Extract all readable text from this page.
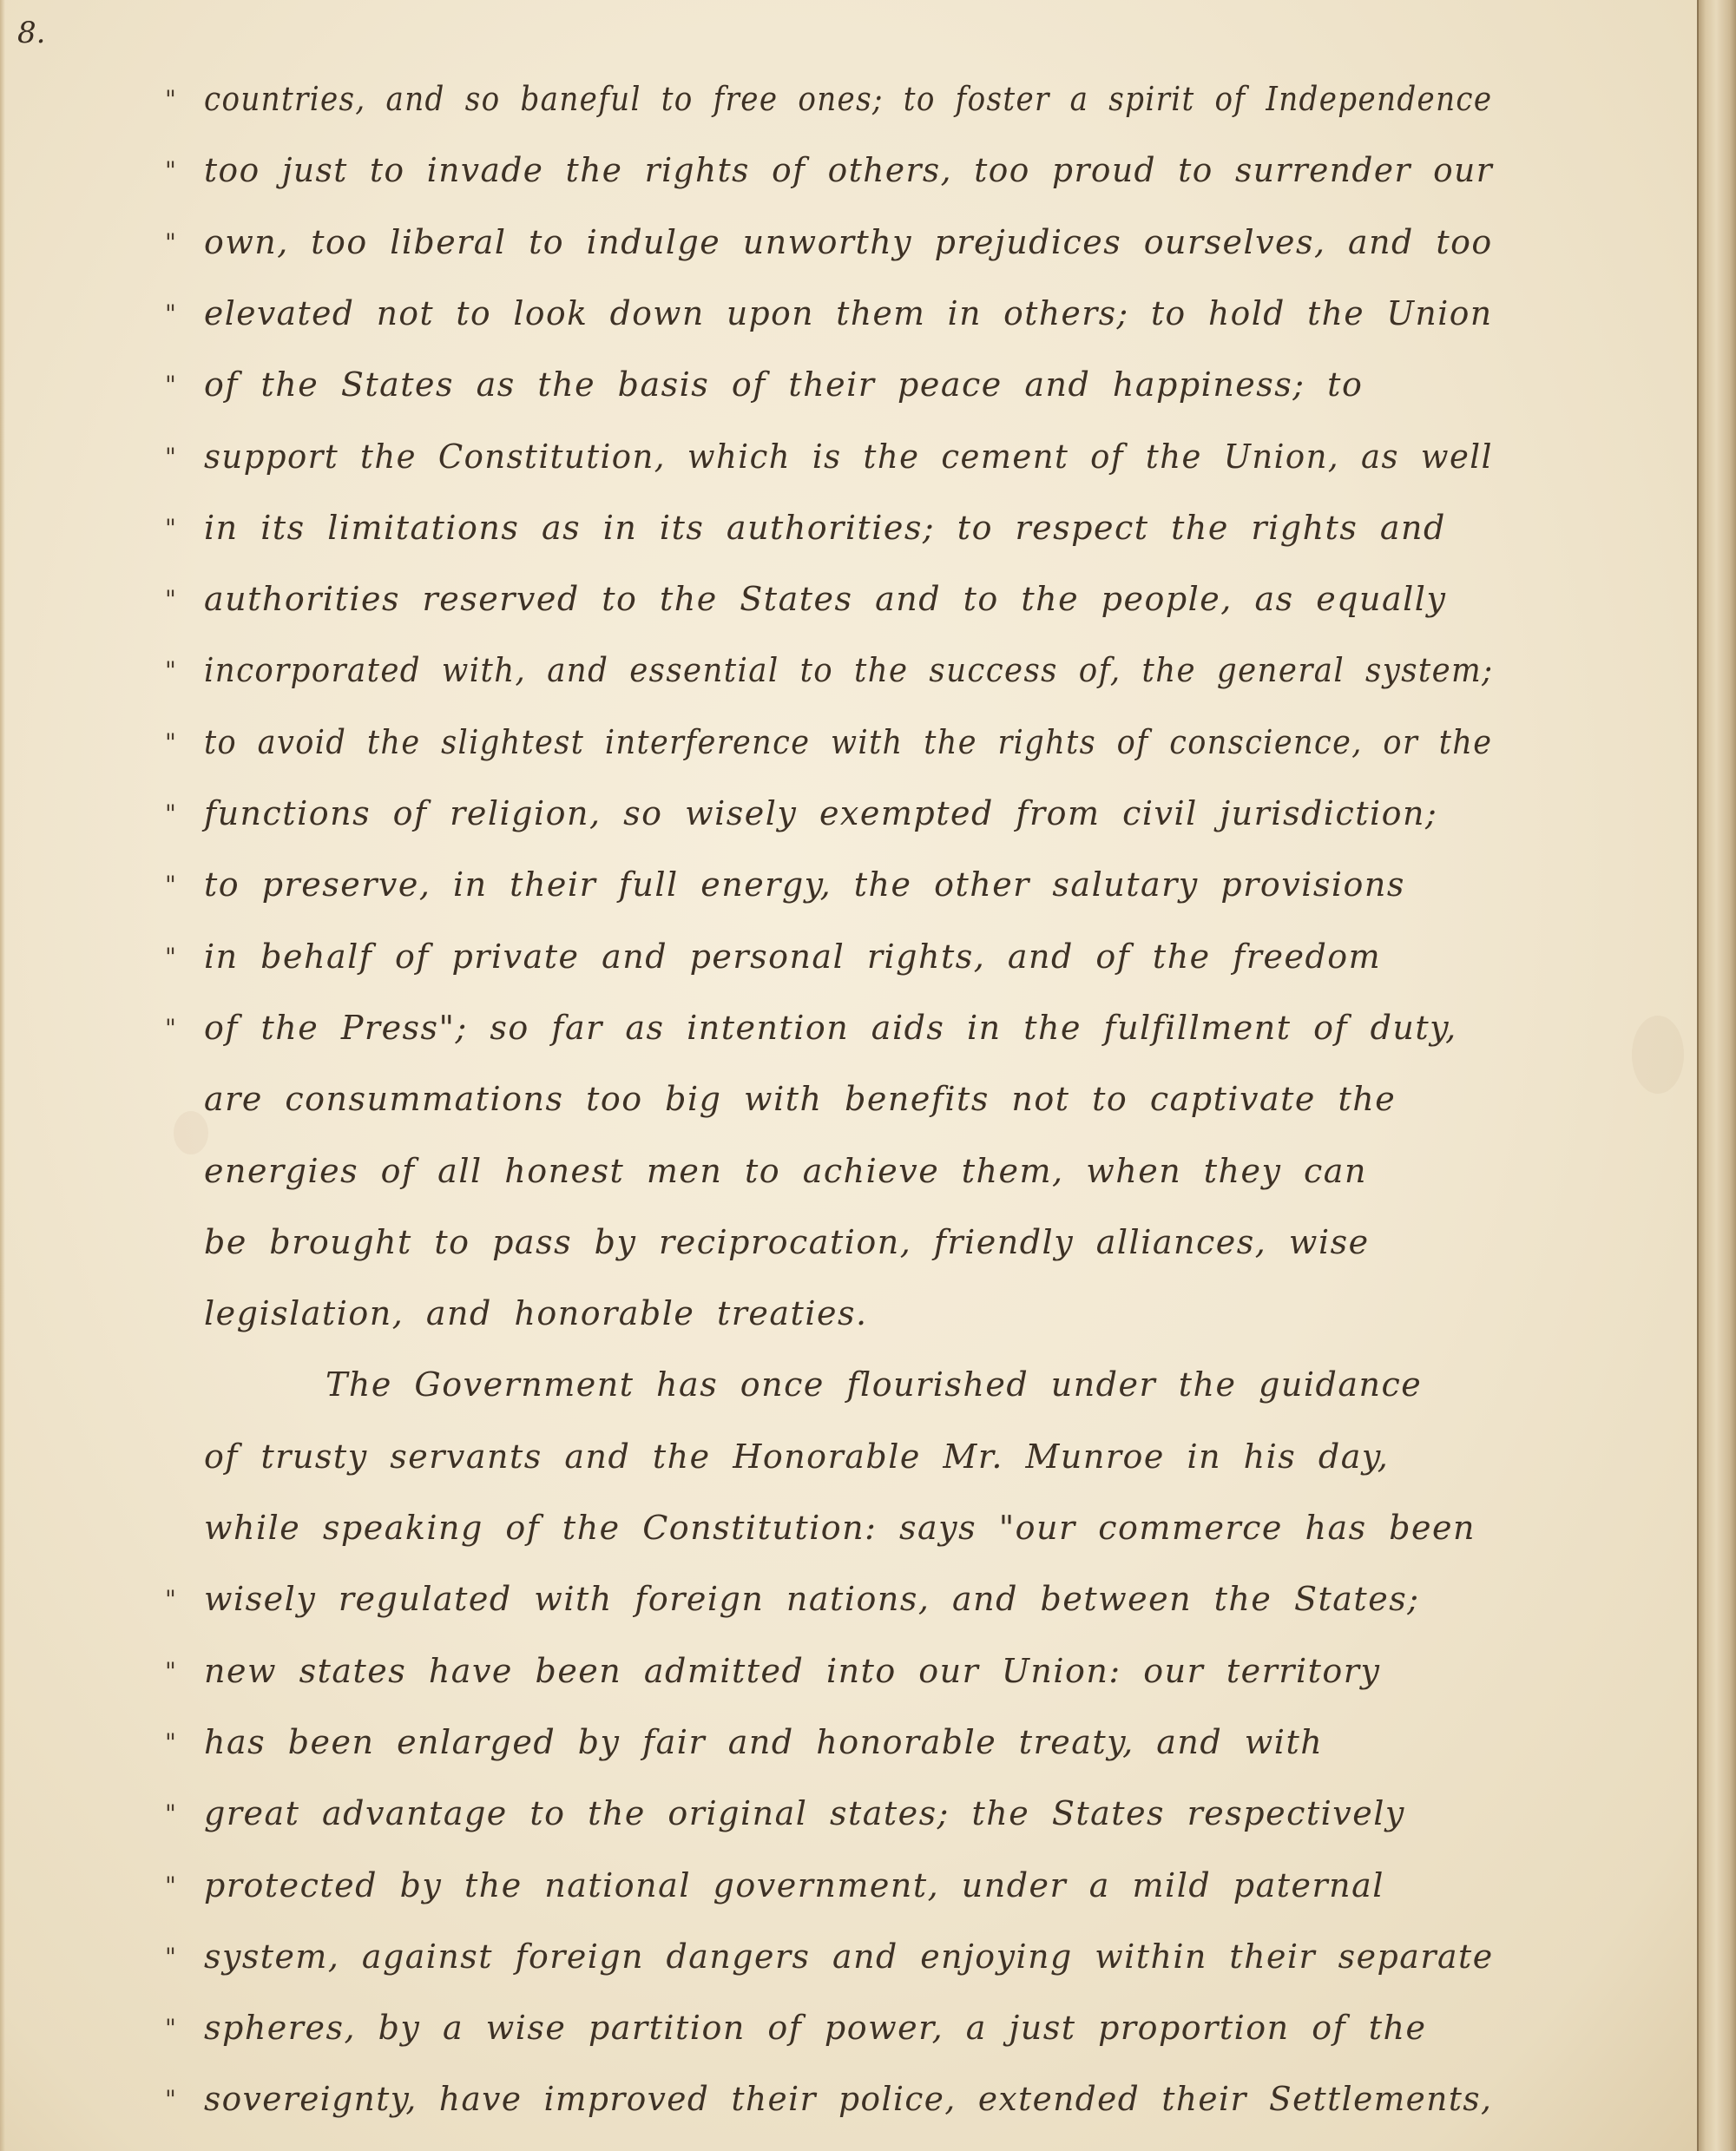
8.
" countries, and so baneful to free ones; to foster a spirit of Independence
" too just to invade the rights of others, too proud to surrender our
" own, too liberal to indulge unworthy prejudices ourselves, and too
" elevated not to look down upon them in others; to hold the Union
" of the States as the basis of their peace and happiness; to
" support the Constitution, which is the cement of the Union, as well
" in its limitations as in its authorities; to respect the rights and
" authorities reserved to the States and to the people, as equally
" incorporated with, and essential to the success of, the general system;
" to avoid the slightest interference with the rights of conscience, or the
" functions of religion, so wisely exempted from civil jurisdiction;
" to preserve, in their full energy, the other salutary provisions
" in behalf of private and personal rights, and of the freedom
" of the Press"; so far as intention aids in the fulfillment of duty,
are consummations too big with benefits not to captivate the
energies of all honest men to achieve them, when they can
be brought to pass by reciprocation, friendly alliances, wise
legislation, and honorable treaties.
The Government has once flourished under the guidance
of trusty servants and the Honorable Mr. Munroe in his day,
while speaking of the Constitution: says "our commerce has been
" wisely regulated with foreign nations, and between the States;
" new states have been admitted into our Union: our territory
" has been enlarged by fair and honorable treaty, and with
" great advantage to the original states; the States respectively
" protected by the national government, under a mild paternal
" system, against foreign dangers and enjoying within their separate
" spheres, by a wise partition of power, a just proportion of the
" sovereignty, have improved their police, extended their Settlements,
